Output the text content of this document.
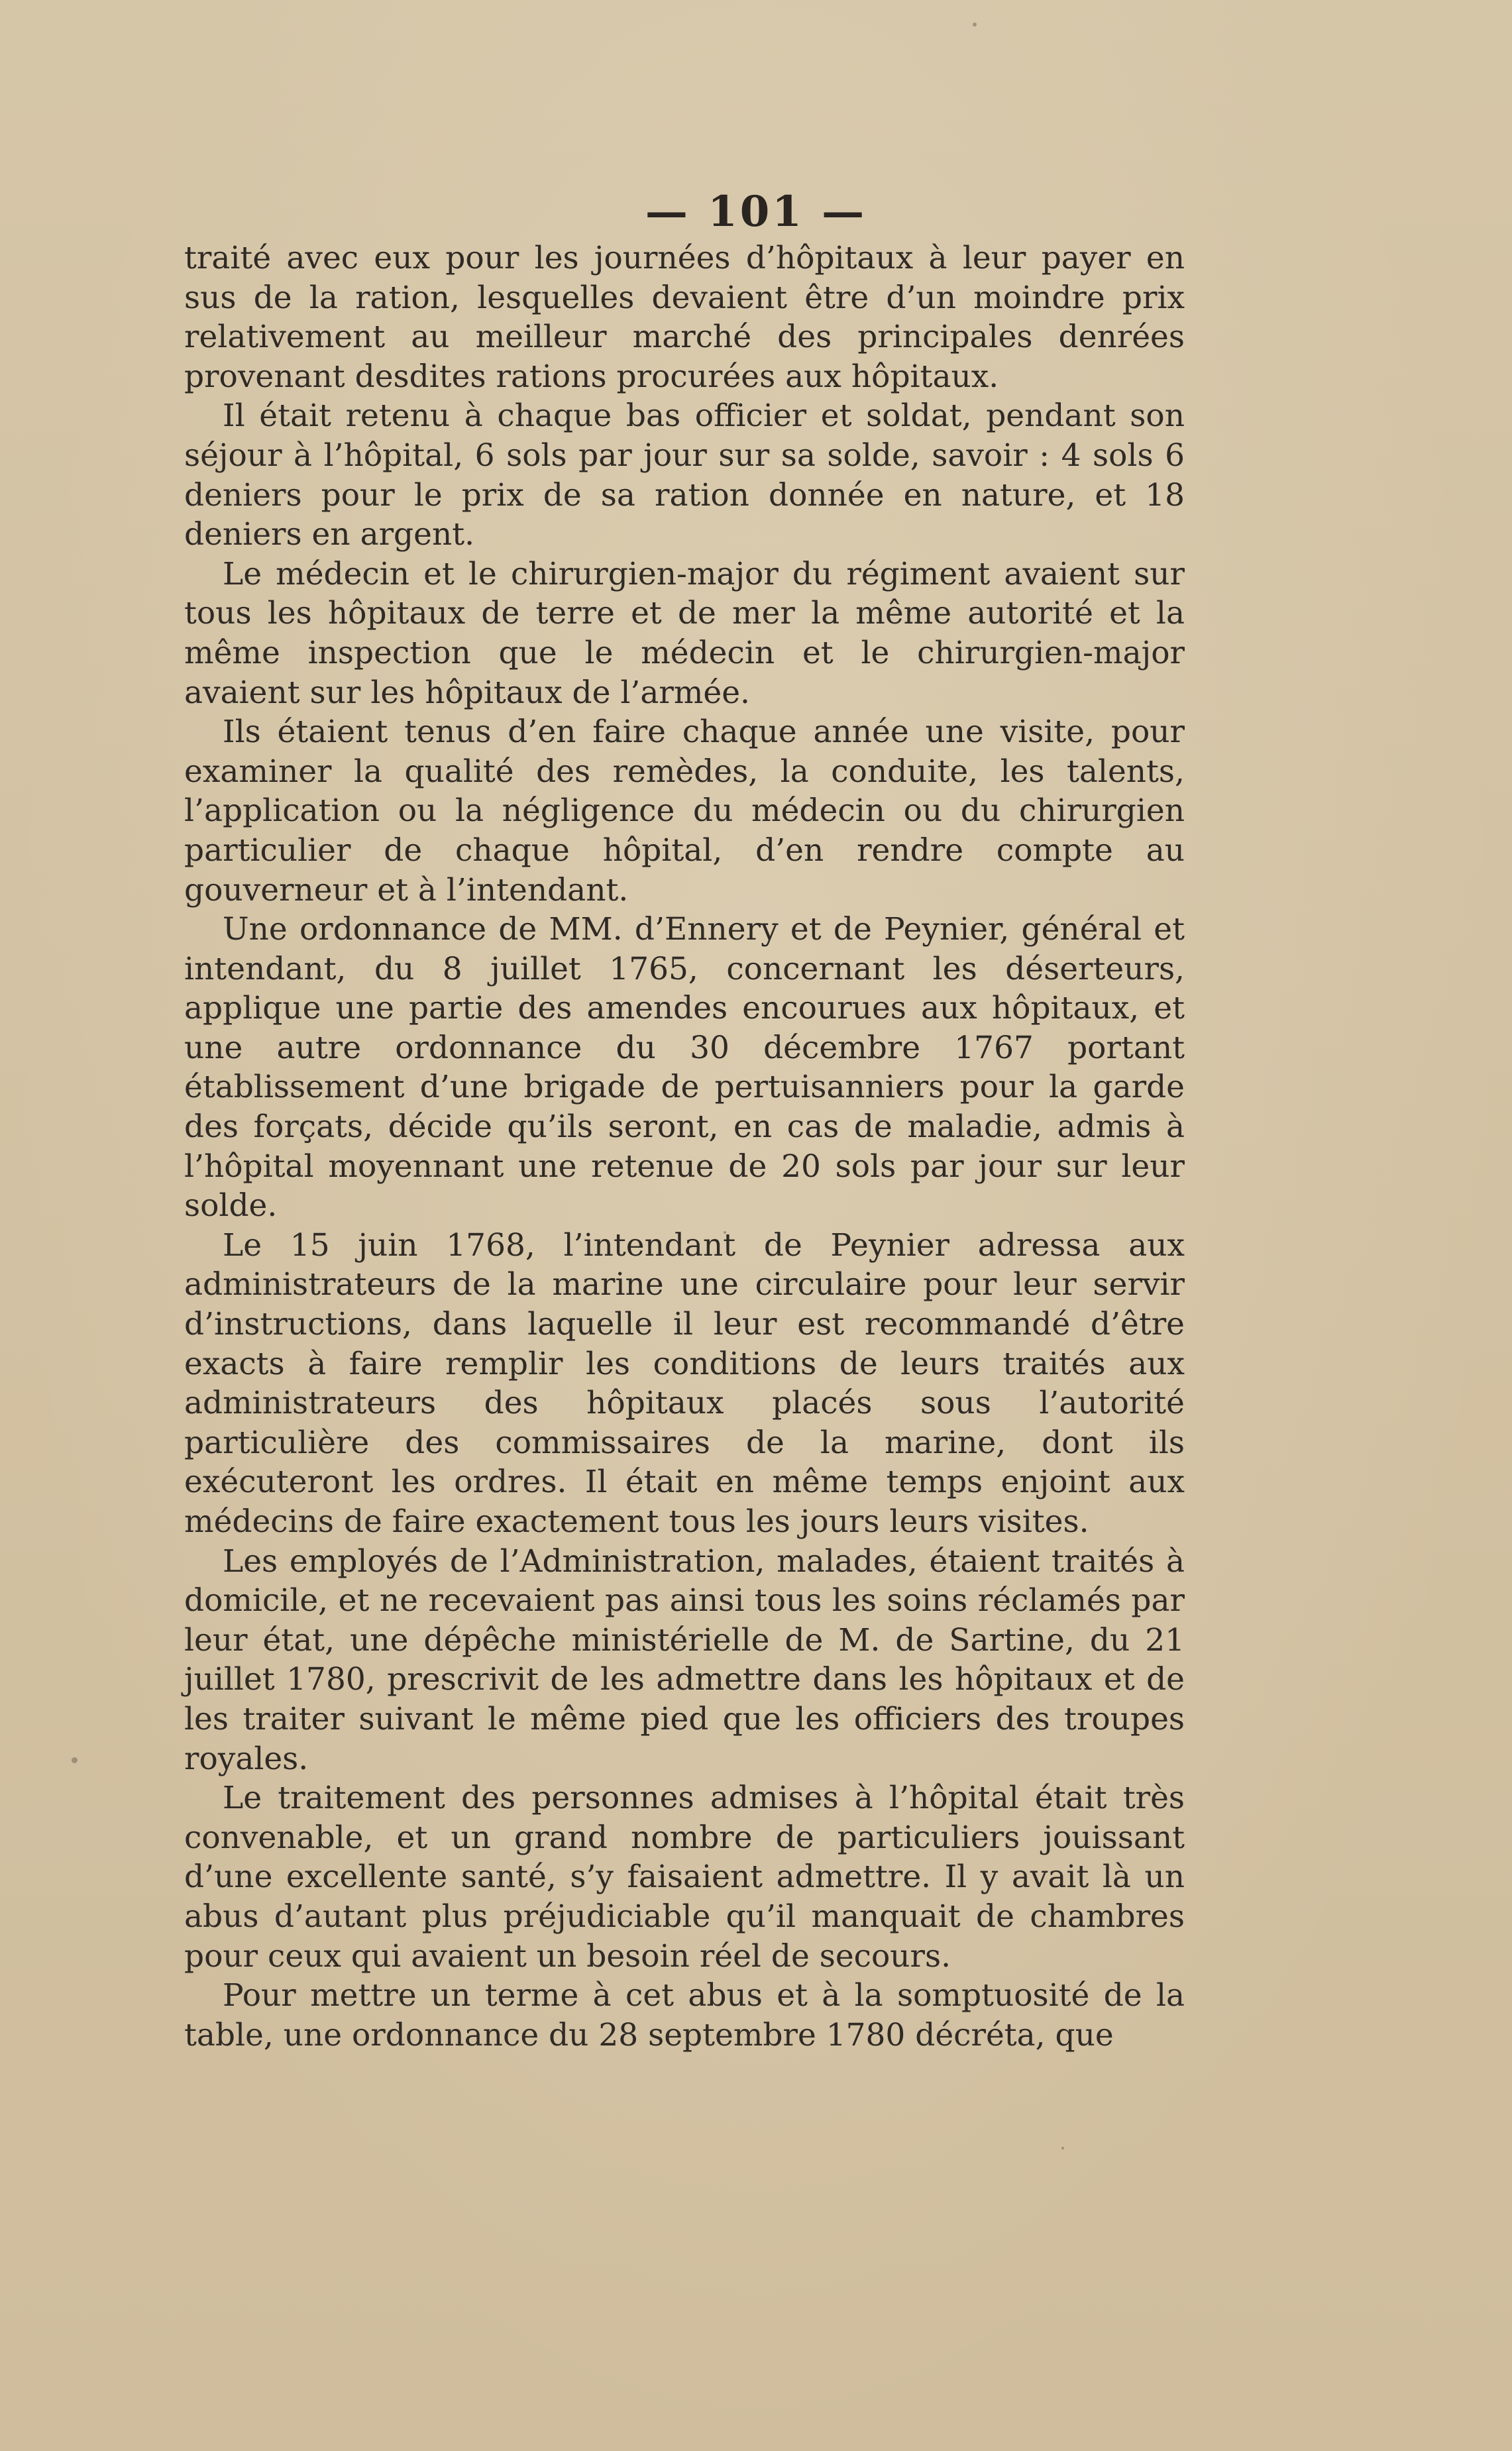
— 101 —

traité avec eux pour les journées d’hôpitaux à leur payer en sus de la ration, lesquelles devaient être d’un moindre prix relativement au meilleur marché des principales denrées provenant desdites rations procurées aux hôpitaux.

Il était retenu à chaque bas officier et soldat, pendant son séjour à l’hôpital, 6 sols par jour sur sa solde, savoir : 4 sols 6 deniers pour le prix de sa ration donnée en nature, et 18 deniers en argent.

Le médecin et le chirurgien-major du régiment avaient sur tous les hôpitaux de terre et de mer la même autorité et la même inspection que le médecin et le chirurgien-major avaient sur les hôpitaux de l’armée.

Ils étaient tenus d’en faire chaque année une visite, pour examiner la qualité des remèdes, la conduite, les talents, l’application ou la négligence du médecin ou du chirurgien particulier de chaque hôpital, d’en rendre compte au gouverneur et à l’intendant.

Une ordonnance de MM. d’Ennery et de Peynier, général et intendant, du 8 juillet 1765, concernant les déserteurs, applique une partie des amendes encourues aux hôpitaux, et une autre ordonnance du 30 décembre 1767 portant établissement d’une brigade de pertuisanniers pour la garde des forçats, décide qu’ils seront, en cas de maladie, admis à l’hôpital moyennant une retenue de 20 sols par jour sur leur solde.

Le 15 juin 1768, l’intendant de Peynier adressa aux administrateurs de la marine une circulaire pour leur servir d’instructions, dans laquelle il leur est recommandé d’être exacts à faire remplir les conditions de leurs traités aux administrateurs des hôpitaux placés sous l’autorité particulière des commissaires de la marine, dont ils exécuteront les ordres. Il était en même temps enjoint aux médecins de faire exactement tous les jours leurs visites.

Les employés de l’Administration, malades, étaient traités à domicile, et ne recevaient pas ainsi tous les soins réclamés par leur état, une dépêche ministérielle de M. de Sartine, du 21 juillet 1780, prescrivit de les admettre dans les hôpitaux et de les traiter suivant le même pied que les officiers des troupes royales.

Le traitement des personnes admises à l’hôpital était très convenable, et un grand nombre de particuliers jouissant d’une excellente santé, s’y faisaient admettre. Il y avait là un abus d’autant plus préjudiciable qu’il manquait de chambres pour ceux qui avaient un besoin réel de secours.

Pour mettre un terme à cet abus et à la somptuosité de la table, une ordonnance du 28 septembre 1780 décréta, que
